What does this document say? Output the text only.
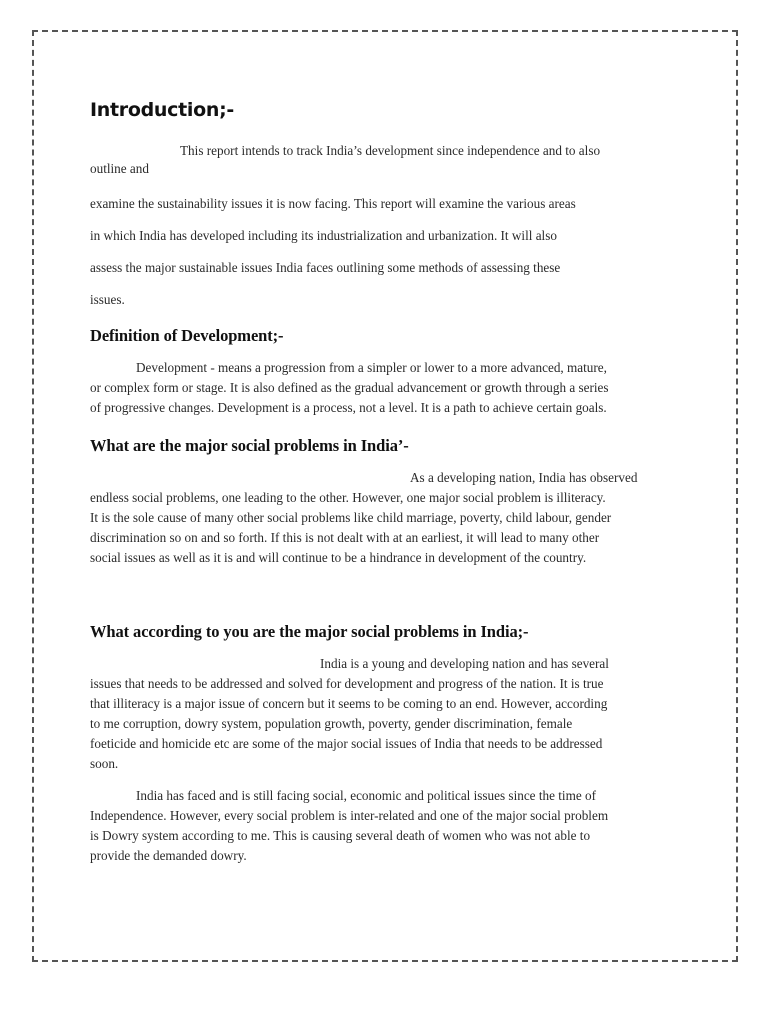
Introduction;-

This report intends to track India’s development since independence and to also

outline and

examine the sustainability issues it is now facing. This report will examine the various areas

in which India has developed including its industrialization and urbanization. It will also

assess the major sustainable issues India faces outlining some methods of assessing these

issues.

Definition of Development;-

Development - means a progression from a simpler or lower to a more advanced, mature,

or complex form or stage. It is also defined as the gradual advancement or growth through a series

of progressive changes. Development is a process, not a level. It is a path to achieve certain goals.

What are the major social problems in India’-

As a developing nation, India has observed

endless social problems, one leading to the other. However, one major social problem is illiteracy.

It is the sole cause of many other social problems like child marriage, poverty, child labour, gender

discrimination so on and so forth. If this is not dealt with at an earliest, it will lead to many other

social issues as well as it is and will continue to be a hindrance in development of the country.

What according to you are the major social problems in India;-

India is a young and developing nation and has several

issues that needs to be addressed and solved for development and progress of the nation. It is true

that illiteracy is a major issue of concern but it seems to be coming to an end. However, according

to me corruption, dowry system, population growth, poverty, gender discrimination, female

foeticide and homicide etc are some of the major social issues of India that needs to be addressed

soon.

India has faced and is still facing social, economic and political issues since the time of

Independence. However, every social problem is inter-related and one of the major social problem

is Dowry system according to me. This is causing several death of women who was not able to

provide the demanded dowry.
